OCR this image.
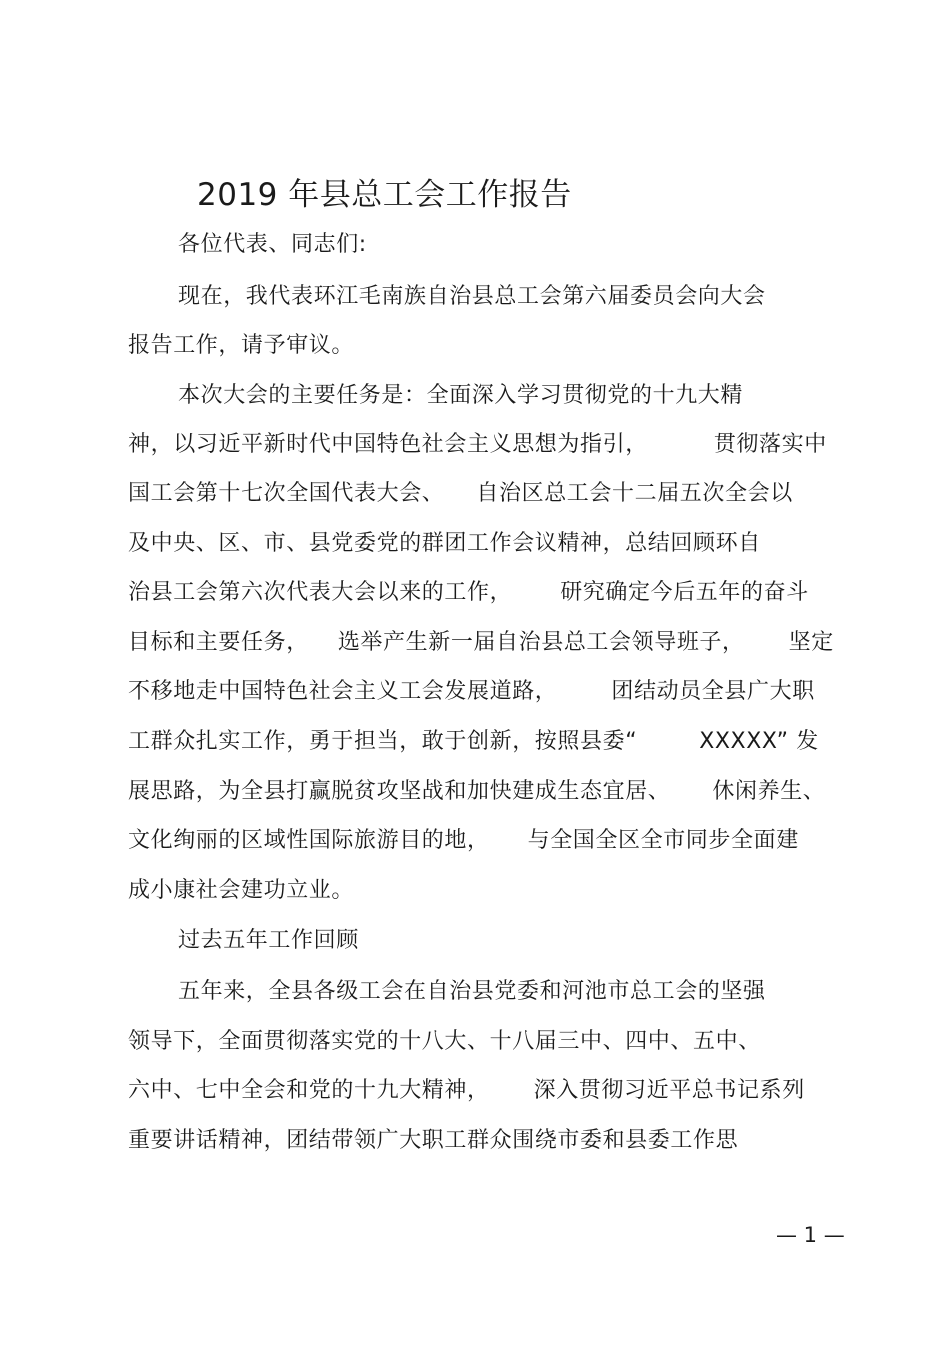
2019 年县总工会工作报告
各位代表、同志们:
现在，我代表环江毛南族自治县总工会第六届委员会向大会
报告工作，请予审议。
本次大会的主要任务是：全面深入学习贯彻党的十九大精
神，以习近平新时代中国特色社会主义思想为指引，	贯彻落实中
国工会第十七次全国代表大会、 自治区总工会十二届五次全会以
及中央、区、市、县党委党的群团工作会议精神，总结回顾环自
治县工会第六次代表大会以来的工作， 研究确定今后五年的奋斗
目标和主要任务， 选举产生新一届自治县总工会领导班子， 坚定
不移地走中国特色社会主义工会发展道路， 团结动员全县广大职
工群众扎实工作，勇于担当，敢于创新，按照县委“	XXXXX” 发
展思路，为全县打赢脱贫攻坚战和加快建成生态宜居、 休闲养生、
文化绚丽的区域性国际旅游目的地， 与全国全区全市同步全面建
成小康社会建功立业。
过去五年工作回顾
五年来，全县各级工会在自治县党委和河池市总工会的坚强
领导下，全面贯彻落实党的十八大、十八届三中、四中、五中、
六中、七中全会和党的十九大精神， 深入贯彻习近平总书记系列
重要讲话精神，团结带领广大职工群众围绕市委和县委工作思
— 1 —
